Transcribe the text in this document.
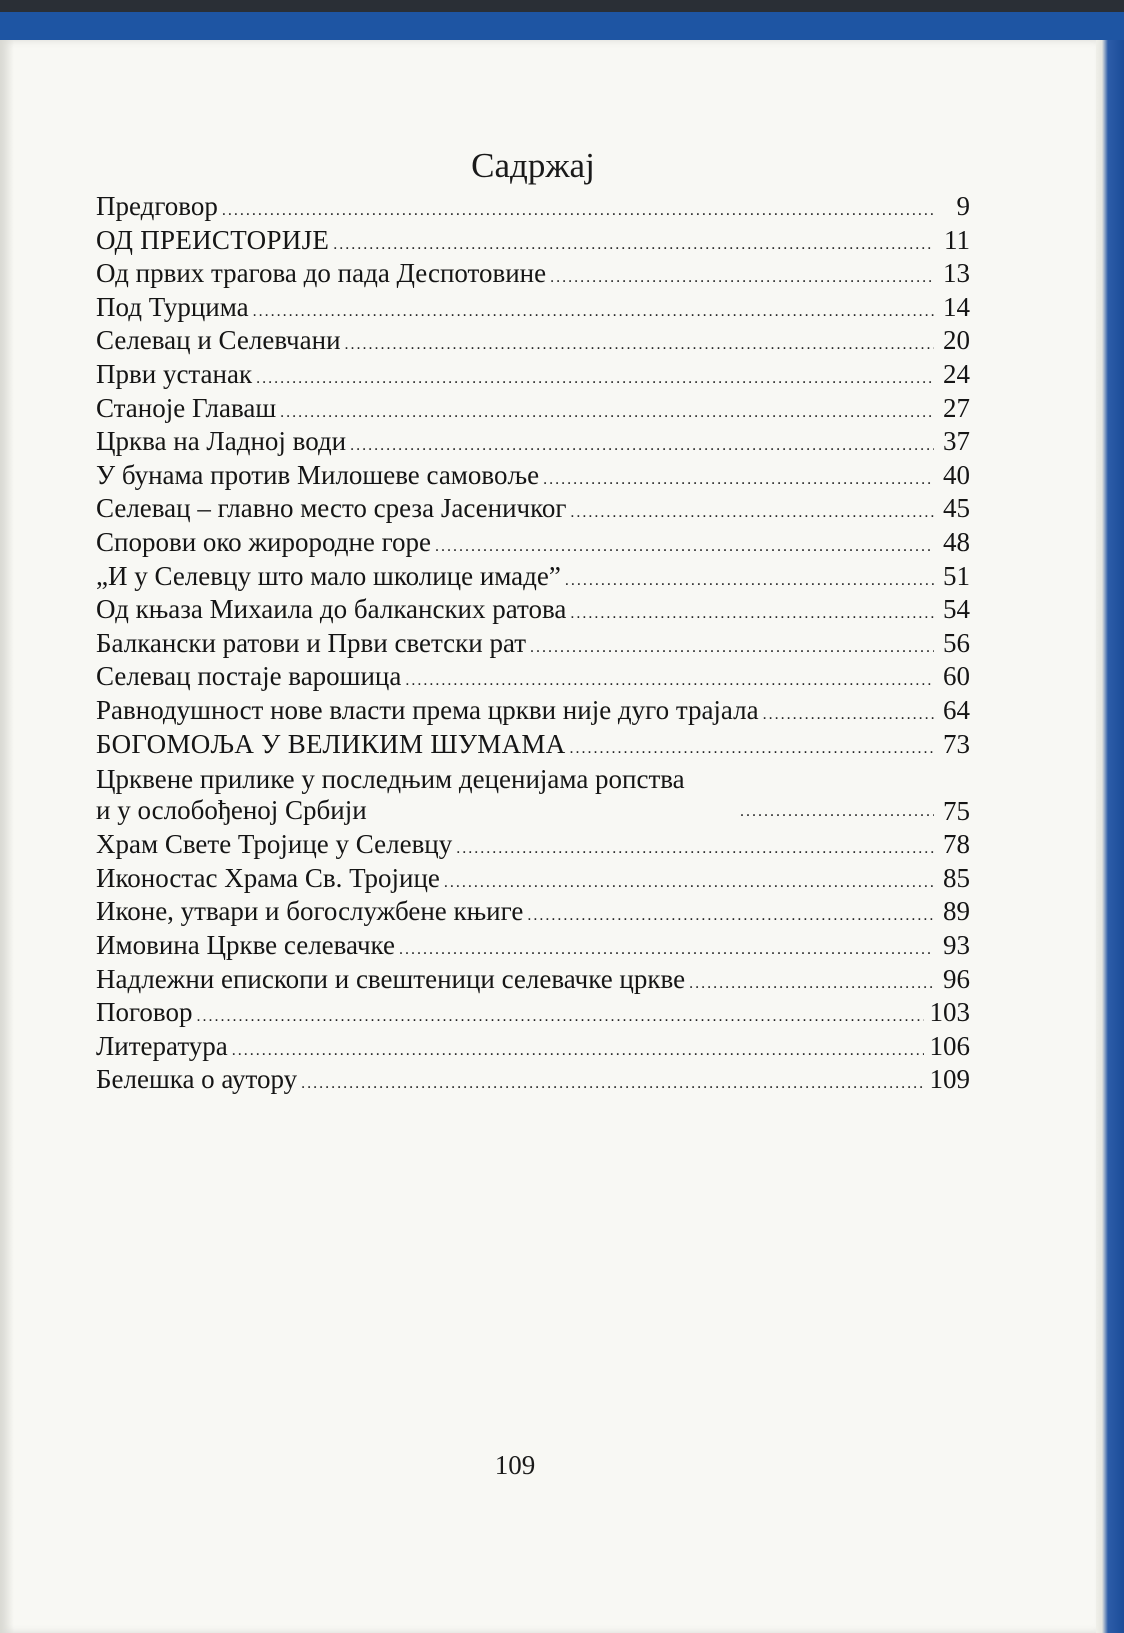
Садржај
Предговор .....	9
ОД ПРЕИСТОРИЈЕ .....	11
Од првих трагова до пада Деспотовине .....	13
Под Турцима .....	14
Селевац и Селевчани .....	20
Први устанак .....	24
Станоје Главаш .....	27
Црква на Ладној води .....	37
У бунама против Милошеве самовоље .....	40
Селевац – главно место среза Јасеничког .....	45
Спорови око жирородне горе .....	48
„И у Селевцу што мало школице имаде” .....	51
Од књаза Михаила до балканских ратова .....	54
Балкански ратови и Први светски рат .....	56
Селевац постаје варошица .....	60
Равнодушност нове власти према цркви није дуго трајала .....	64
БОГОМОЉА У ВЕЛИКИМ ШУМАМА .....	73
Црквене прилике у последњим деценијама ропства
и у ослобођеној Србији .....	75
Храм Свете Тројице у Селевцу .....	78
Иконостас Храма Св. Тројице .....	85
Иконе, утвари и богослужбене књиге .....	89
Имовина Цркве селевачке .....	93
Надлежни епископи и свештеници селевачке цркве .....	96
Поговор .....	103
Литература .....	106
Белешка о аутору .....	109

109
